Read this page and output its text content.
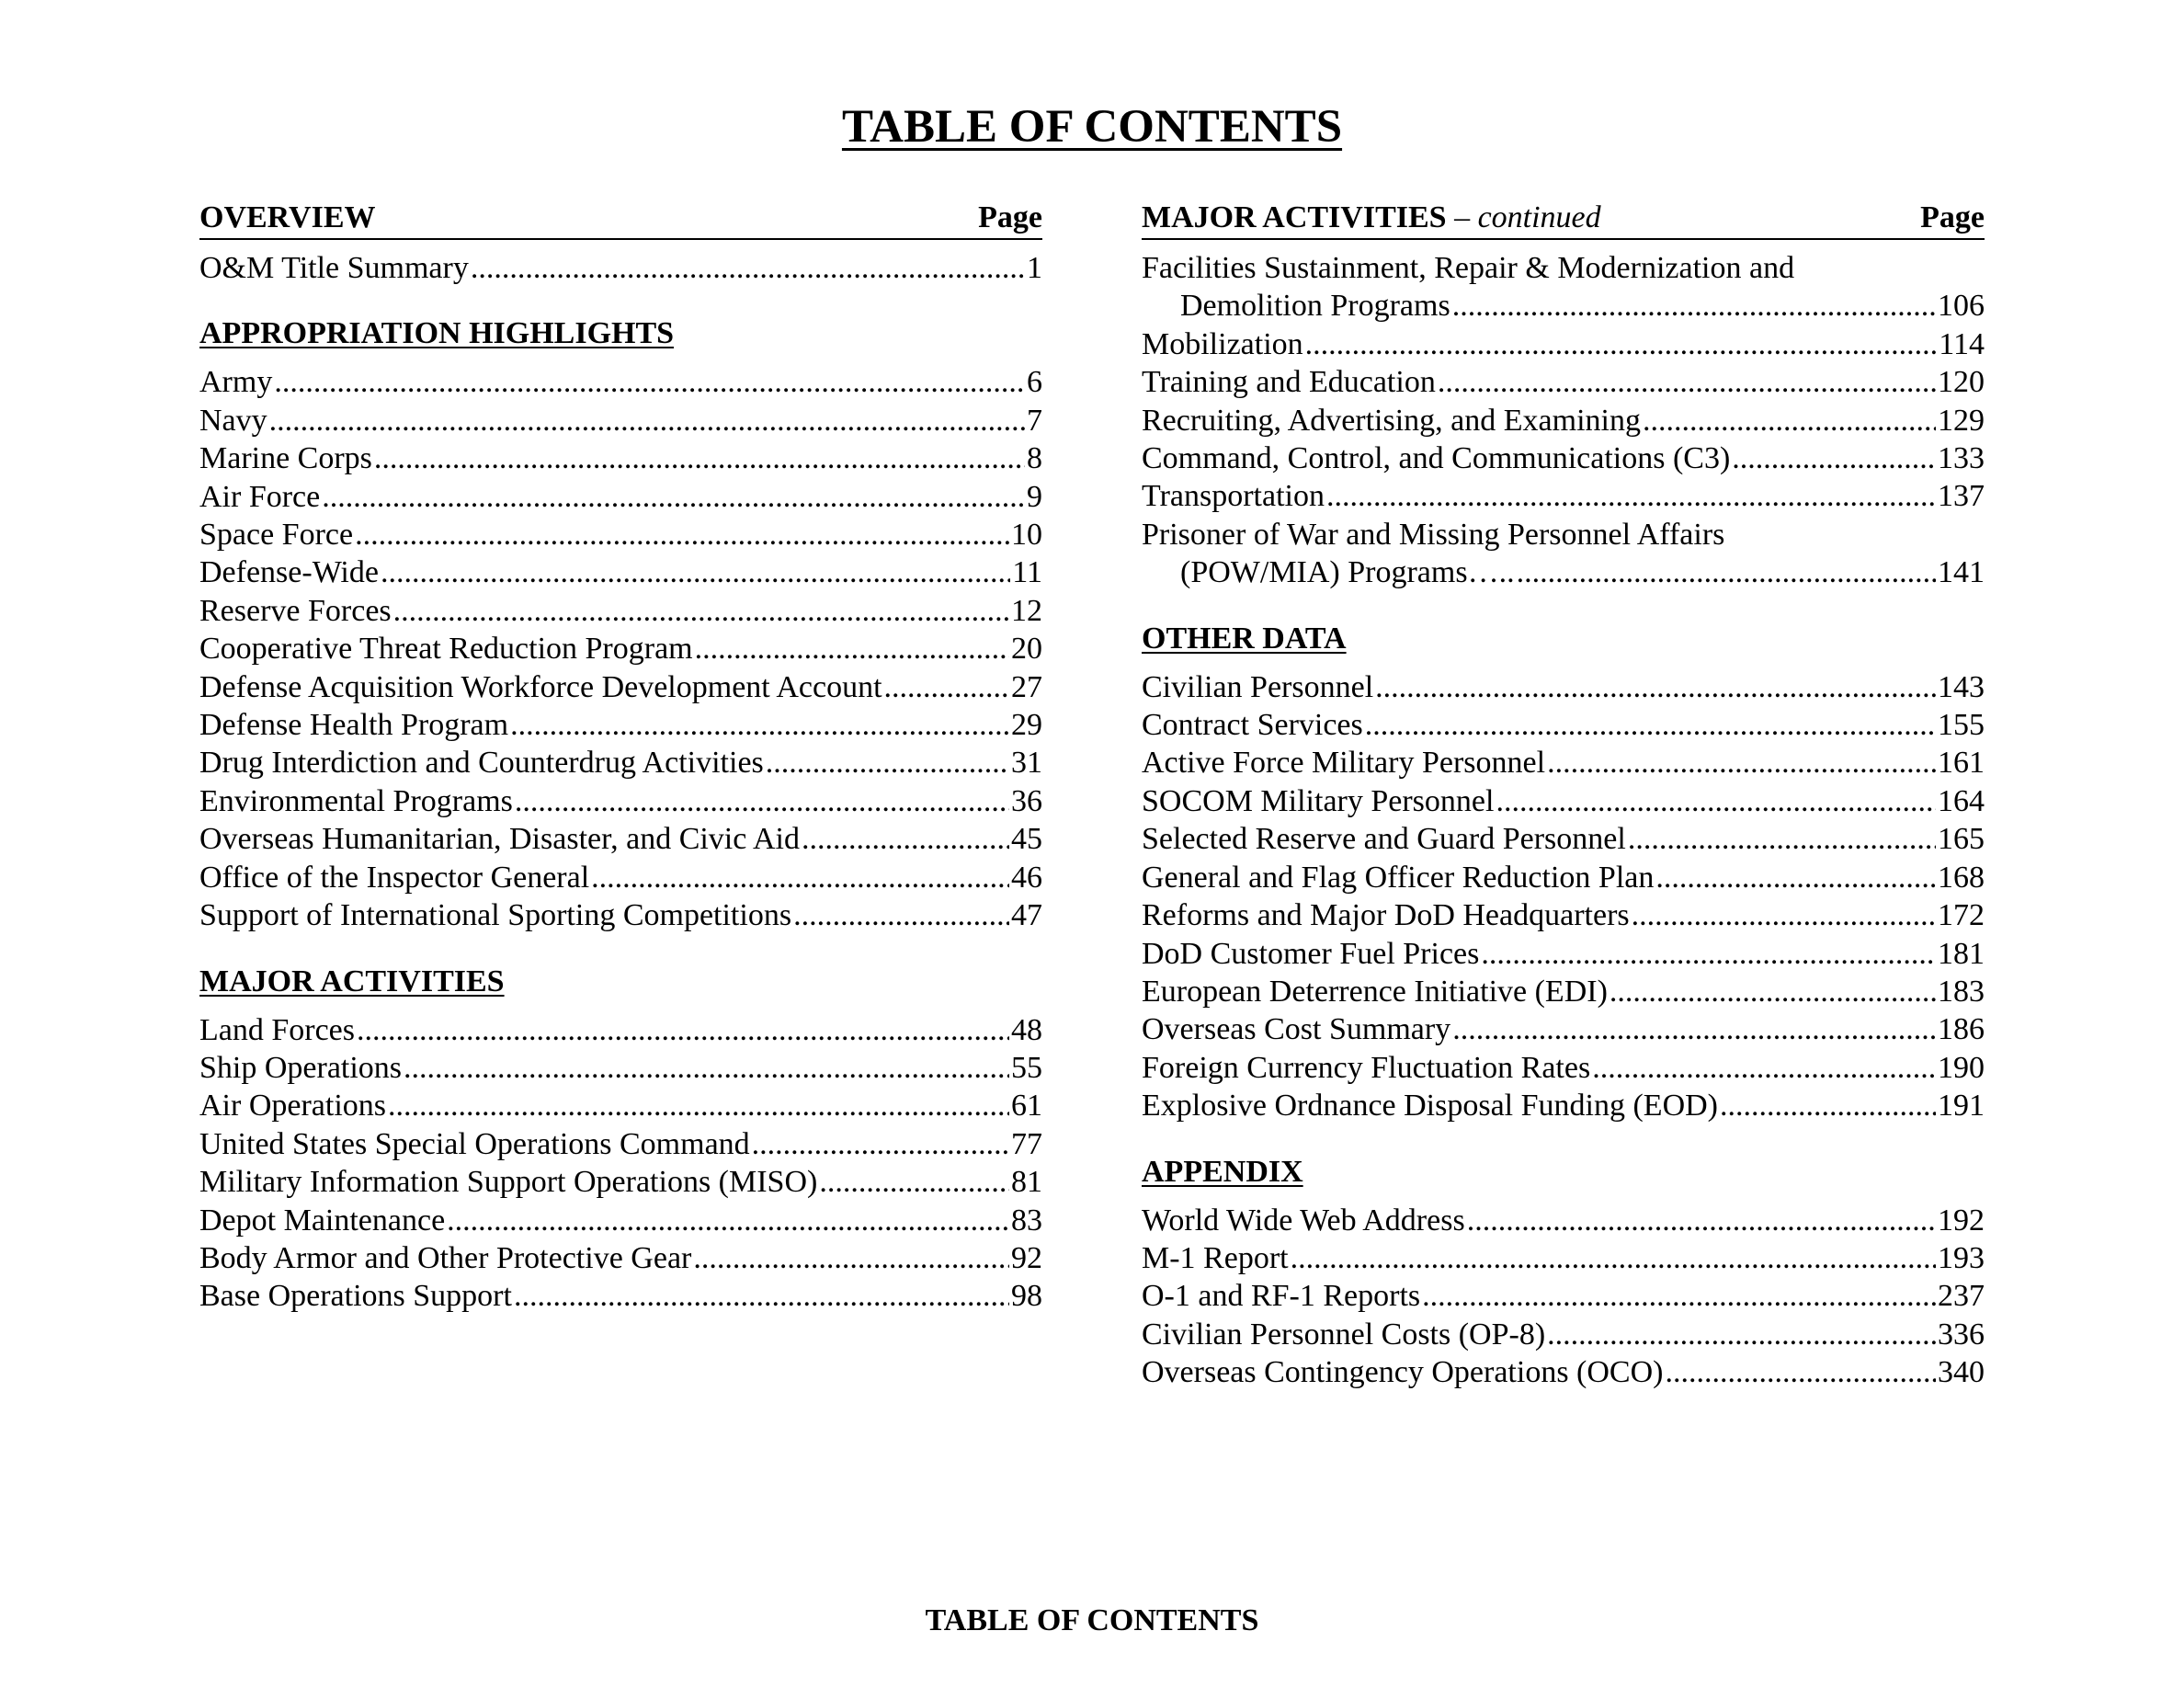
TABLE OF CONTENTS
OVERVIEW	Page
O&M Title Summary .....	1
APPROPRIATION HIGHLIGHTS
Army .....	6
Navy .....	7
Marine Corps .....	8
Air Force .....	9
Space Force .....	10
Defense-Wide .....	11
Reserve Forces .....	12
Cooperative Threat Reduction Program .....	20
Defense Acquisition Workforce Development Account .....	27
Defense Health Program .....	29
Drug Interdiction and Counterdrug Activities .....	31
Environmental Programs .....	36
Overseas Humanitarian, Disaster, and Civic Aid .....	45
Office of the Inspector General .....	46
Support of International Sporting Competitions .....	47
MAJOR ACTIVITIES
Land Forces .....	48
Ship Operations .....	55
Air Operations .....	61
United States Special Operations Command .....	77
Military Information Support Operations (MISO) .....	81
Depot Maintenance .....	83
Body Armor and Other Protective Gear .....	92
Base Operations Support .....	98
MAJOR ACTIVITIES – continued	Page
Facilities Sustainment, Repair & Modernization and
Demolition Programs .....	106
Mobilization .....	114
Training and Education .....	120
Recruiting, Advertising, and Examining .....	129
Command, Control, and Communications (C3) .....	133
Transportation .....	137
Prisoner of War and Missing Personnel Affairs
(POW/MIA) Programs….. .....	141
OTHER DATA
Civilian Personnel .....	143
Contract Services .....	155
Active Force Military Personnel .....	161
SOCOM Military Personnel .....	164
Selected Reserve and Guard Personnel .....	165
General and Flag Officer Reduction Plan .....	168
Reforms and Major DoD Headquarters .....	172
DoD Customer Fuel Prices .....	181
European Deterrence Initiative (EDI) .....	183
Overseas Cost Summary .....	186
Foreign Currency Fluctuation Rates .....	190
Explosive Ordnance Disposal Funding (EOD) .....	191
APPENDIX
World Wide Web Address .....	192
M-1 Report .....	193
O-1 and RF-1 Reports .....	237
Civilian Personnel Costs (OP-8) .....	336
Overseas Contingency Operations (OCO) .....	340
TABLE OF CONTENTS
